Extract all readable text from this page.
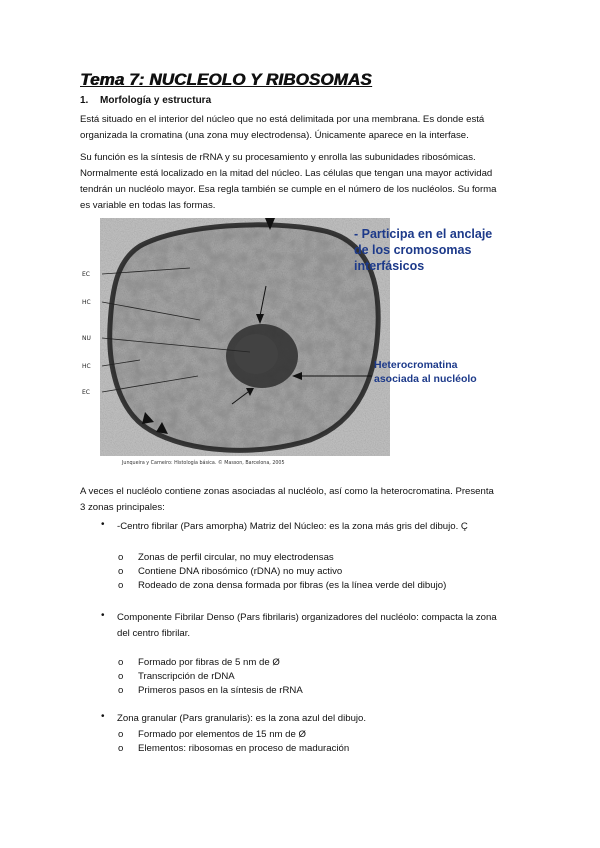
Tema 7: NUCLEOLO Y RIBOSOMAS
1. Morfología y estructura
Está situado en el interior del núcleo que no está delimitada por una membrana. Es donde está
organizada la cromatina (una zona muy electrodensa). Únicamente aparece en la interfase.
Su función es la síntesis de rRNA y su procesamiento y enrolla las subunidades ribosómicas.
Normalmente está localizado en la mitad del núcleo. Las células que tengan una mayor actividad
tendrán un nucléolo mayor. Esa regla también se cumple en el número de los nucléolos. Su forma
es variable en todas las formas.
EC
HC
NU
HC
EC
- Participa en el anclaje
de los cromosomas
interfásicos
Heterocromatina
asociada al nucléolo
Junqueira y Carneiro: Histología básica. © Masson, Barcelona, 2005
A veces el nucléolo contiene zonas asociadas al nucléolo, así como la heterocromatina. Presenta
3 zonas principales:
• -Centro fibrilar (Pars amorpha) Matriz del Núcleo: es la zona más gris del dibujo. Ç
o Zonas de perfil circular, no muy electrodensas
o Contiene DNA ribosómico (rDNA) no muy activo
o Rodeado de zona densa formada por fibras (es la línea verde del dibujo)
• Componente Fibrilar Denso (Pars fibrilaris) organizadores del nucléolo: compacta la zona
del centro fibrilar.
o Formado por fibras de 5 nm de Ø
o Transcripción de rDNA
o Primeros pasos en la síntesis de rRNA
• Zona granular (Pars granularis): es la zona azul del dibujo.
o Formado por elementos de 15 nm de Ø
o Elementos: ribosomas en proceso de maduración
